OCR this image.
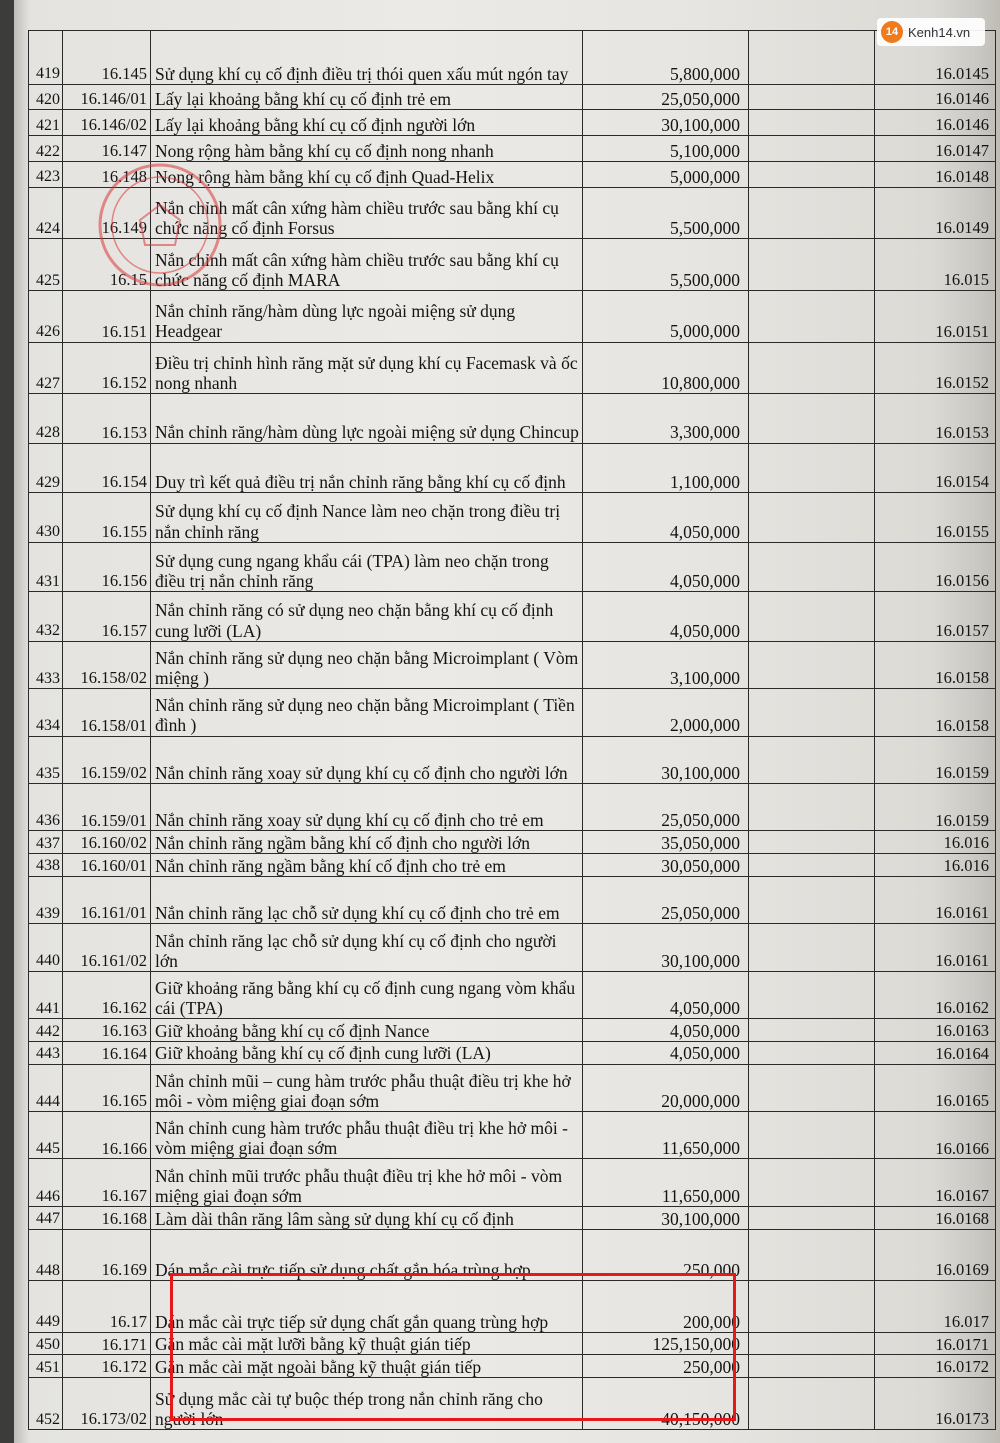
419	16.145	Sử dụng khí cụ cố định điều trị thói quen xấu mút ngón tay	5,800,000		16.0145
420	16.146/01	Lấy lại khoảng bằng khí cụ cố định trẻ em	25,050,000		16.0146
421	16.146/02	Lấy lại khoảng bằng khí cụ cố định người lớn	30,100,000		16.0146
422	16.147	Nong rộng hàm bằng khí cụ cố định nong nhanh	5,100,000		16.0147
423	16.148	Nong rộng hàm bằng khí cụ cố định Quad-Helix	5,000,000		16.0148
424	16.149	Nắn chỉnh mất cân xứng hàm chiều trước sau bằng khí cụ chức năng cố định Forsus	5,500,000		16.0149
425	16.15	Nắn chỉnh mất cân xứng hàm chiều trước sau bằng khí cụ chức năng cố định MARA	5,500,000		16.015
426	16.151	Nắn chỉnh răng/hàm dùng lực ngoài miệng sử dụng Headgear	5,000,000		16.0151
427	16.152	Điều trị chỉnh hình răng mặt sử dụng khí cụ Facemask và ốc nong nhanh	10,800,000		16.0152
428	16.153	Nắn chỉnh răng/hàm dùng lực ngoài miệng sử dụng Chincup	3,300,000		16.0153
429	16.154	Duy trì kết quả điều trị nắn chỉnh răng bằng khí cụ cố định	1,100,000		16.0154
430	16.155	Sử dụng khí cụ cố định Nance làm neo chặn trong điều trị nắn chỉnh răng	4,050,000		16.0155
431	16.156	Sử dụng cung ngang khẩu cái (TPA) làm neo chặn trong điều trị nắn chỉnh răng	4,050,000		16.0156
432	16.157	Nắn chỉnh răng có sử dụng neo chặn bằng khí cụ cố định cung lưỡi (LA)	4,050,000		16.0157
433	16.158/02	Nắn chỉnh răng sử dụng neo chặn bằng Microimplant ( Vòm miệng )	3,100,000		16.0158
434	16.158/01	Nắn chỉnh răng sử dụng neo chặn bằng Microimplant ( Tiền đình )	2,000,000		16.0158
435	16.159/02	Nắn chỉnh răng xoay sử dụng khí cụ cố định cho người lớn	30,100,000		16.0159
436	16.159/01	Nắn chỉnh răng xoay sử dụng khí cụ cố định cho trẻ em	25,050,000		16.0159
437	16.160/02	Nắn chỉnh răng ngầm bằng khí cố định cho người lớn	35,050,000		16.016
438	16.160/01	Nắn chỉnh răng ngầm bằng khí cố định cho trẻ em	30,050,000		16.016
439	16.161/01	Nắn chỉnh răng lạc chỗ sử dụng khí cụ cố định cho trẻ em	25,050,000		16.0161
440	16.161/02	Nắn chỉnh răng lạc chỗ sử dụng khí cụ cố định cho người lớn	30,100,000		16.0161
441	16.162	Giữ khoảng răng bằng khí cụ cố định cung ngang vòm khẩu cái (TPA)	4,050,000		16.0162
442	16.163	Giữ khoảng bằng khí cụ cố định Nance	4,050,000		16.0163
443	16.164	Giữ khoảng bằng khí cụ cố định cung lưỡi (LA)	4,050,000		16.0164
444	16.165	Nắn chỉnh mũi – cung hàm trước phẫu thuật điều trị khe hở môi - vòm miệng giai đoạn sớm	20,000,000		16.0165
445	16.166	Nắn chỉnh cung hàm trước phẫu thuật điều trị khe hở môi - vòm miệng giai đoạn sớm	11,650,000		16.0166
446	16.167	Nắn chỉnh mũi trước phẫu thuật điều trị khe hở môi - vòm miệng giai đoạn sớm	11,650,000		16.0167
447	16.168	Làm dài thân răng lâm sàng sử dụng khí cụ cố định	30,100,000		16.0168
448	16.169	Dán mắc cài trực tiếp sử dụng chất gắn hóa trùng hợp	250,000		16.0169
449	16.17	Dán mắc cài trực tiếp sử dụng chất gắn quang trùng hợp	200,000		16.017
450	16.171	Gắn mắc cài mặt lưỡi bằng kỹ thuật gián tiếp	125,150,000		16.0171
451	16.172	Gắn mắc cài mặt ngoài bằng kỹ thuật gián tiếp	250,000		16.0172
452	16.173/02	Sử dụng mắc cài tự buộc thép trong nắn chỉnh răng cho người lớn	40,150,000		16.0173
14 Kenh14.vn
